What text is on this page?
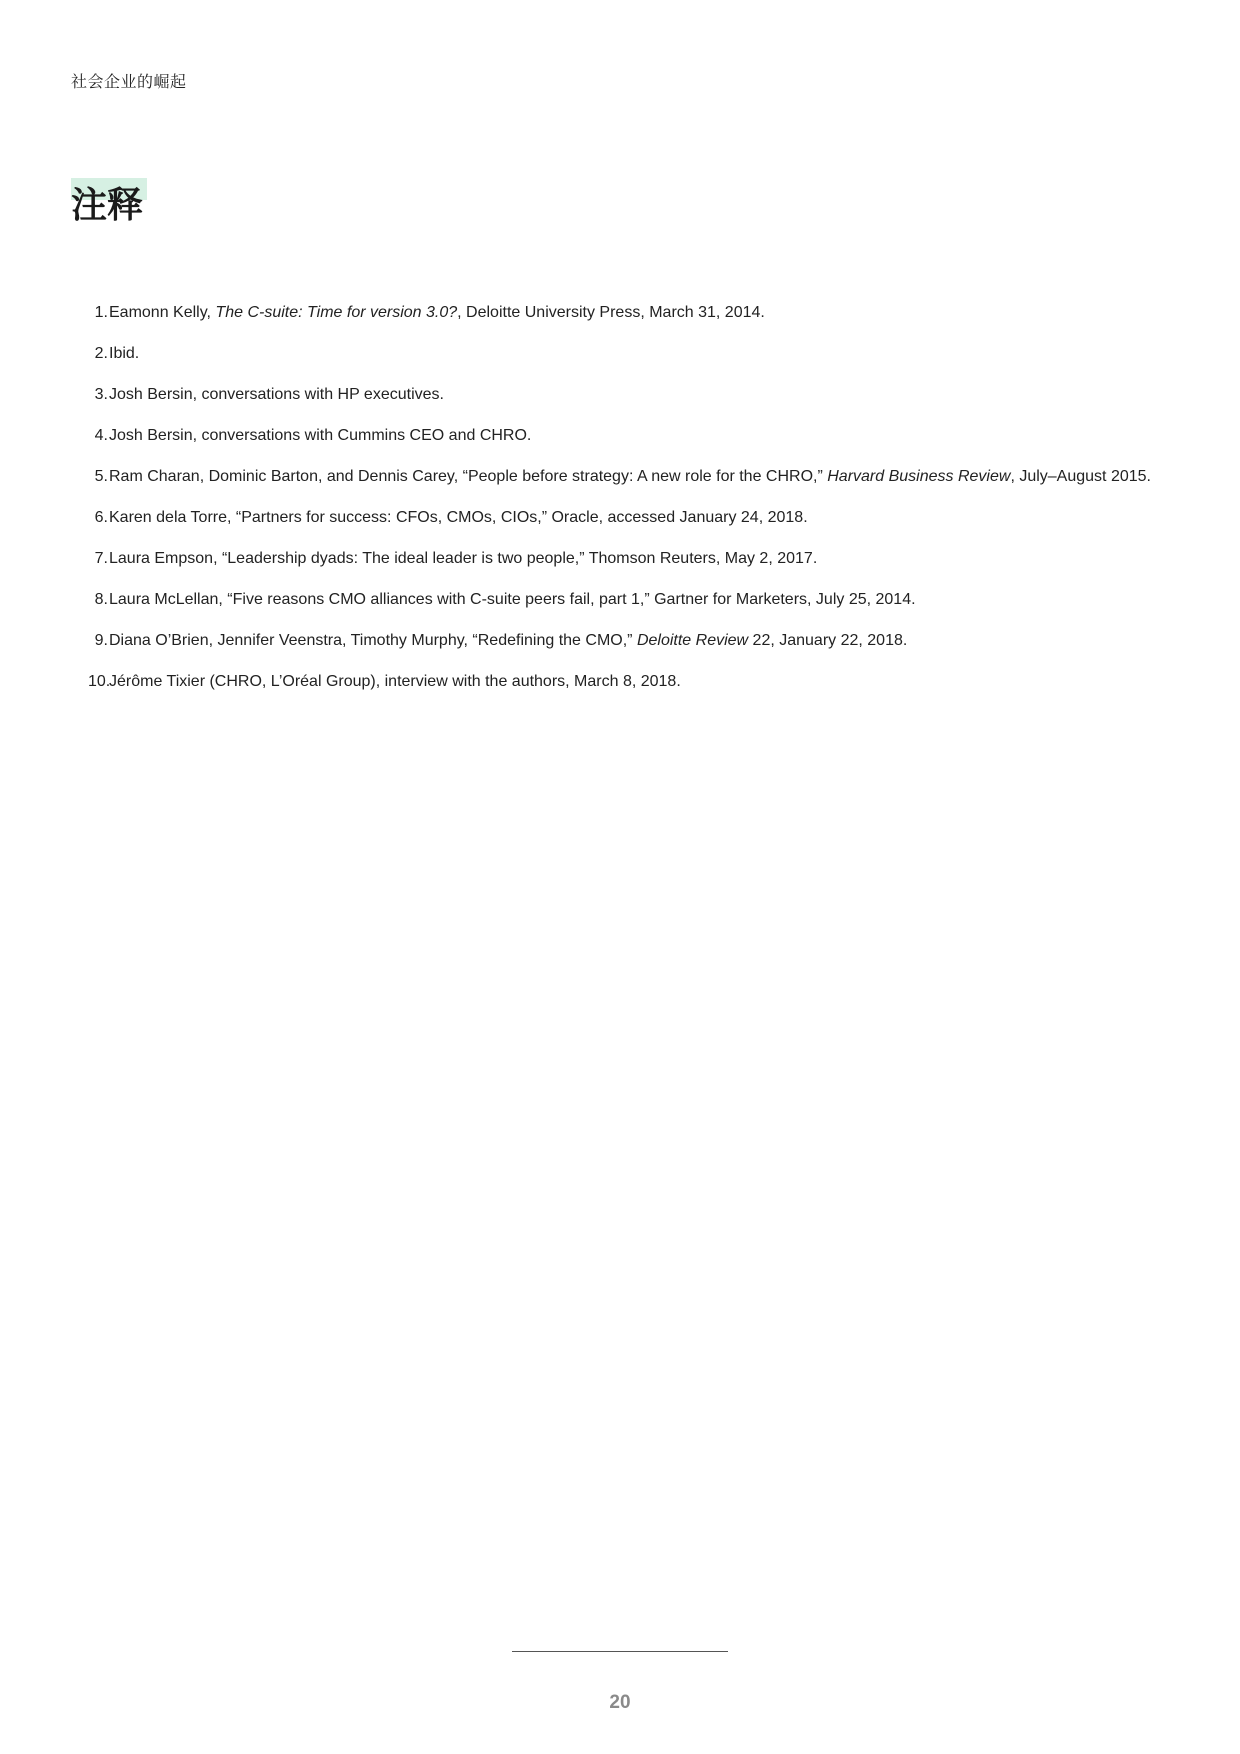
社会企业的崛起
注释
1. Eamonn Kelly, The C-suite: Time for version 3.0?, Deloitte University Press, March 31, 2014.
2. Ibid.
3. Josh Bersin, conversations with HP executives.
4. Josh Bersin, conversations with Cummins CEO and CHRO.
5. Ram Charan, Dominic Barton, and Dennis Carey, “People before strategy: A new role for the CHRO,” Harvard Business Review, July–August 2015.
6. Karen dela Torre, “Partners for success: CFOs, CMOs, CIOs,” Oracle, accessed January 24, 2018.
7. Laura Empson, “Leadership dyads: The ideal leader is two people,” Thomson Reuters, May 2, 2017.
8. Laura McLellan, “Five reasons CMO alliances with C-suite peers fail, part 1,” Gartner for Marketers, July 25, 2014.
9. Diana O’Brien, Jennifer Veenstra, Timothy Murphy, “Redefining the CMO,” Deloitte Review 22, January 22, 2018.
10.
Jérôme Tixier (CHRO, L’Oréal Group), interview with the authors, March 8, 2018.
20
